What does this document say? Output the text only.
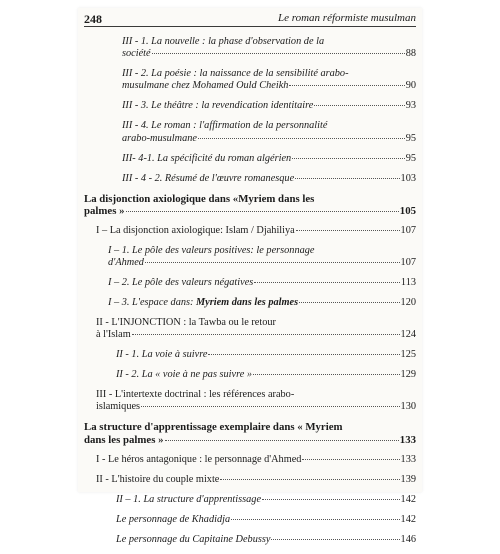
248	Le roman réformiste musulman
III - 1. La nouvelle : la phase d'observation de la
société	88
III - 2. La poésie : la naissance de la sensibilité arabo-
musulmane chez Mohamed Ould Cheikh	90
III - 3. Le théâtre : la revendication identitaire	93
III - 4. Le roman : l'affirmation de la personnalité
arabo-musulmane	95
III- 4-1. La spécificité du roman algérien	95
III - 4 - 2. Résumé de l'œuvre romanesque	103
La disjonction axiologique dans «Myriem dans les
palmes »	105
I – La disjonction axiologique: Islam / Djahiliya	107
I – 1. Le pôle des valeurs positives: le personnage
d'Ahmed	107
I – 2. Le pôle des valeurs négatives	113
I – 3. L'espace dans: Myriem dans les palmes	120
II - L'INJONCTION : la Tawba ou le retour
à l'Islam	124
II - 1. La voie à suivre	125
II - 2. La « voie à ne pas suivre »	129
III - L'intertexte doctrinal : les références arabo-
islamiques	130
La structure d'apprentissage exemplaire dans « Myriem
dans les palmes »	133
I - Le héros antagonique : le personnage d'Ahmed	133
II - L'histoire du couple mixte	139
II – 1. La structure d'apprentissage	142
Le personnage de Khadidja	142
Le personnage du Capitaine Debussy	146
